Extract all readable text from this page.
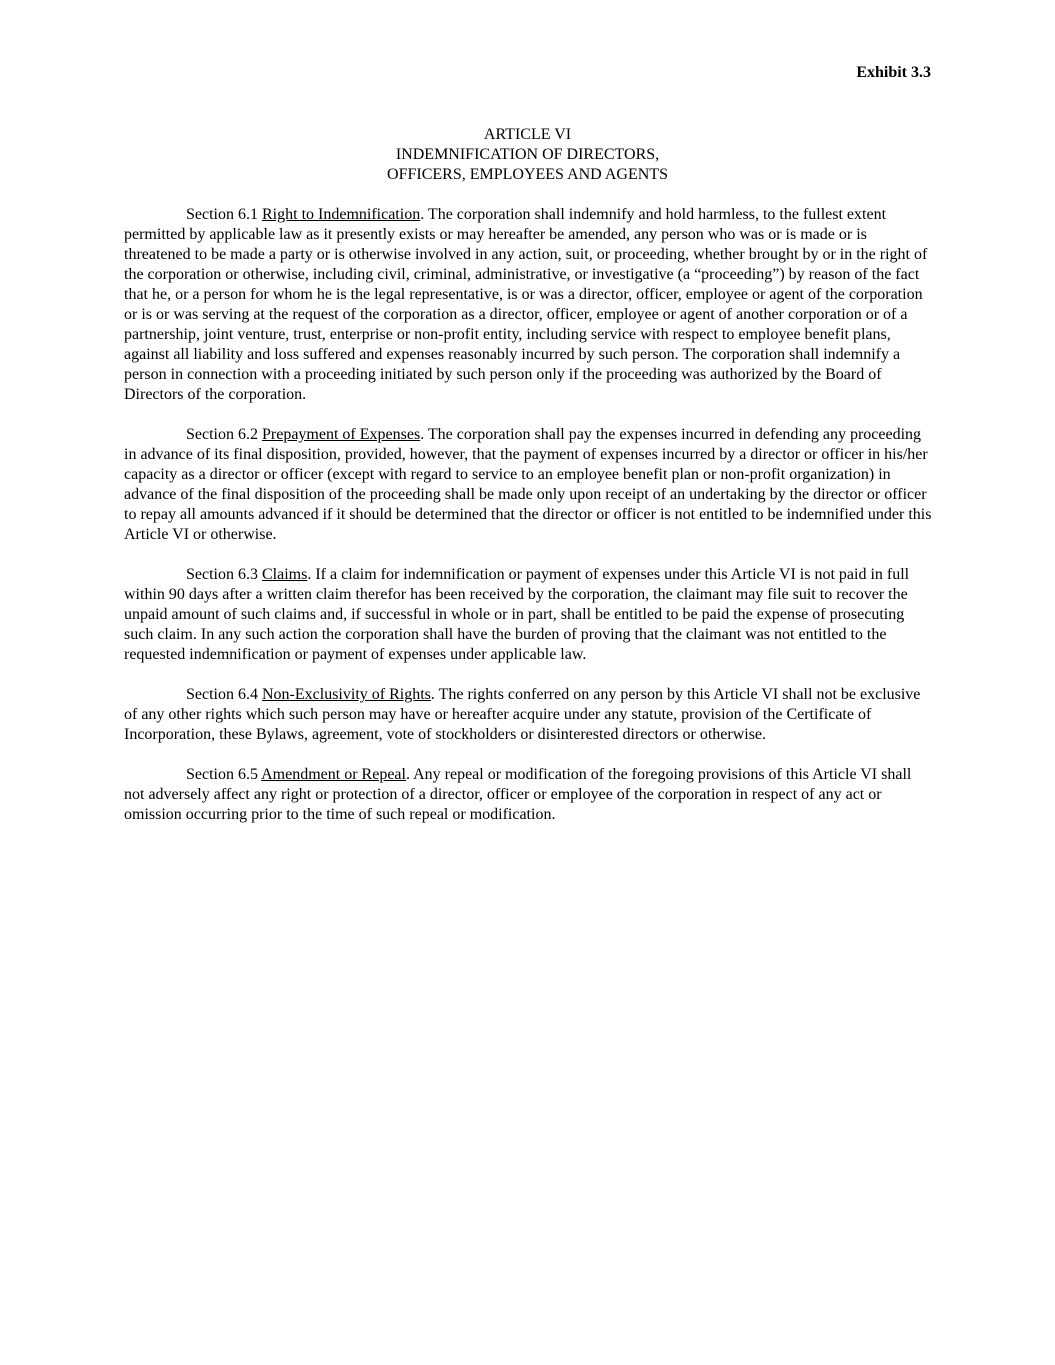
Exhibit 3.3
ARTICLE VI
INDEMNIFICATION OF DIRECTORS,
OFFICERS, EMPLOYEES AND AGENTS

Section 6.1 Right to Indemnification. The corporation shall indemnify and hold harmless, to the fullest extent permitted by applicable law as it presently exists or may hereafter be amended, any person who was or is made or is threatened to be made a party or is otherwise involved in any action, suit, or proceeding, whether brought by or in the right of the corporation or otherwise, including civil, criminal, administrative, or investigative (a “proceeding”) by reason of the fact that he, or a person for whom he is the legal representative, is or was a director, officer, employee or agent of the corporation or is or was serving at the request of the corporation as a director, officer, employee or agent of another corporation or of a partnership, joint venture, trust, enterprise or non-profit entity, including service with respect to employee benefit plans, against all liability and loss suffered and expenses reasonably incurred by such person. The corporation shall indemnify a person in connection with a proceeding initiated by such person only if the proceeding was authorized by the Board of Directors of the corporation.

Section 6.2 Prepayment of Expenses. The corporation shall pay the expenses incurred in defending any proceeding in advance of its final disposition, provided, however, that the payment of expenses incurred by a director or officer in his/her capacity as a director or officer (except with regard to service to an employee benefit plan or non-profit organization) in advance of the final disposition of the proceeding shall be made only upon receipt of an undertaking by the director or officer to repay all amounts advanced if it should be determined that the director or officer is not entitled to be indemnified under this Article VI or otherwise.

Section 6.3 Claims. If a claim for indemnification or payment of expenses under this Article VI is not paid in full within 90 days after a written claim therefor has been received by the corporation, the claimant may file suit to recover the unpaid amount of such claims and, if successful in whole or in part, shall be entitled to be paid the expense of prosecuting such claim. In any such action the corporation shall have the burden of proving that the claimant was not entitled to the requested indemnification or payment of expenses under applicable law.

Section 6.4 Non-Exclusivity of Rights. The rights conferred on any person by this Article VI shall not be exclusive of any other rights which such person may have or hereafter acquire under any statute, provision of the Certificate of Incorporation, these Bylaws, agreement, vote of stockholders or disinterested directors or otherwise.

Section 6.5 Amendment or Repeal. Any repeal or modification of the foregoing provisions of this Article VI shall not adversely affect any right or protection of a director, officer or employee of the corporation in respect of any act or omission occurring prior to the time of such repeal or modification.
